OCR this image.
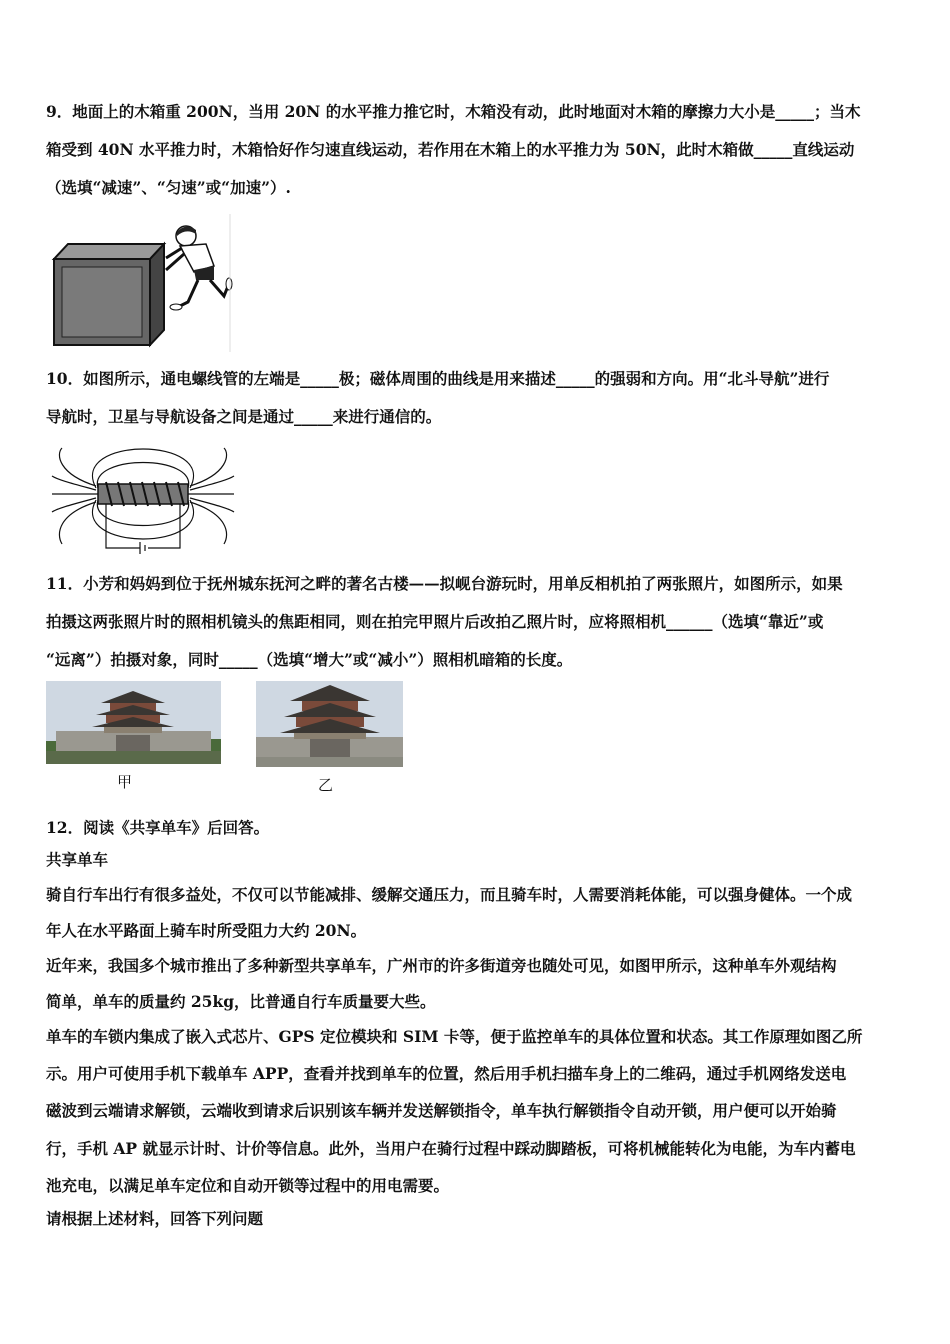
9．地面上的木箱重 200N，当用 20N 的水平推力推它时，木箱没有动，此时地面对木箱的摩擦力大小是_____；当木
箱受到 40N 水平推力时，木箱恰好作匀速直线运动，若作用在木箱上的水平推力为 50N，此时木箱做_____直线运动
（选填“减速”、“匀速”或“加速”）.
10．如图所示，通电螺线管的左端是_____极；磁体周围的曲线是用来描述_____的强弱和方向。用“北斗导航”进行
导航时，卫星与导航设备之间是通过_____来进行通信的。
11．小芳和妈妈到位于抚州城东抚河之畔的著名古楼——拟岘台游玩时，用单反相机拍了两张照片，如图所示，如果
拍摄这两张照片时的照相机镜头的焦距相同，则在拍完甲照片后改拍乙照片时，应将照相机______（选填“靠近”或
“远离”）拍摄对象，同时_____（选填“增大”或“减小”）照相机暗箱的长度。
甲	乙
12．阅读《共享单车》后回答。
共享单车
骑自行车出行有很多益处，不仅可以节能减排、缓解交通压力，而且骑车时，人需要消耗体能，可以强身健体。一个成
年人在水平路面上骑车时所受阻力大约 20N。
近年来，我国多个城市推出了多种新型共享单车，广州市的许多街道旁也随处可见，如图甲所示，这种单车外观结构
简单，单车的质量约 25kg，比普通自行车质量要大些。
单车的车锁内集成了嵌入式芯片、GPS 定位模块和 SIM 卡等，便于监控单车的具体位置和状态。其工作原理如图乙所
示。用户可使用手机下载单车 APP，查看并找到单车的位置，然后用手机扫描车身上的二维码，通过手机网络发送电
磁波到云端请求解锁，云端收到请求后识别该车辆并发送解锁指令，单车执行解锁指令自动开锁，用户便可以开始骑
行，手机 AP 就显示计时、计价等信息。此外，当用户在骑行过程中踩动脚踏板，可将机械能转化为电能，为车内蓄电
池充电，以满足单车定位和自动开锁等过程中的用电需要。
请根据上述材料，回答下列问题
